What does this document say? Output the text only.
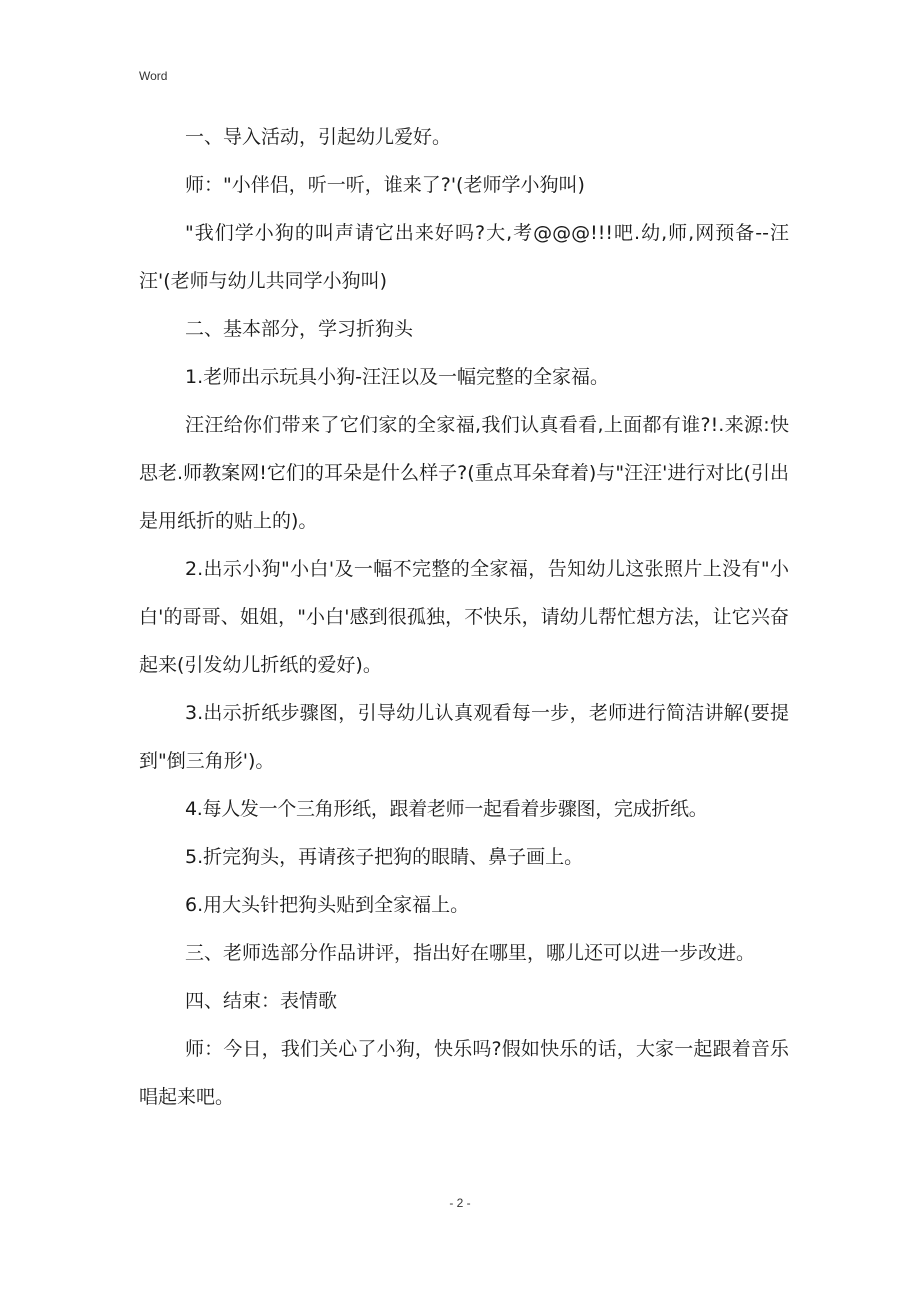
Word

一、导入活动，引起幼儿爱好。

师："小伴侣，听一听，谁来了?'(老师学小狗叫)

"我们学小狗的叫声请它出来好吗?大,考@@@!!!吧.幼,师,网预备--汪汪'(老师与幼儿共同学小狗叫)

二、基本部分，学习折狗头

1.老师出示玩具小狗-汪汪以及一幅完整的全家福。

汪汪给你们带来了它们家的全家福,我们认真看看,上面都有谁?!.来源:快思老.师教案网!它们的耳朵是什么样子?(重点耳朵耷着)与"汪汪'进行对比(引出是用纸折的贴上的)。

2.出示小狗"小白'及一幅不完整的全家福，告知幼儿这张照片上没有"小白'的哥哥、姐姐，"小白'感到很孤独，不快乐，请幼儿帮忙想方法，让它兴奋起来(引发幼儿折纸的爱好)。

3.出示折纸步骤图，引导幼儿认真观看每一步，老师进行简洁讲解(要提到"倒三角形')。

4.每人发一个三角形纸，跟着老师一起看着步骤图，完成折纸。

5.折完狗头，再请孩子把狗的眼睛、鼻子画上。

6.用大头针把狗头贴到全家福上。

三、老师选部分作品讲评，指出好在哪里，哪儿还可以进一步改进。

四、结束：表情歌

师：今日，我们关心了小狗，快乐吗?假如快乐的话，大家一起跟着音乐唱起来吧。

- 2 -
